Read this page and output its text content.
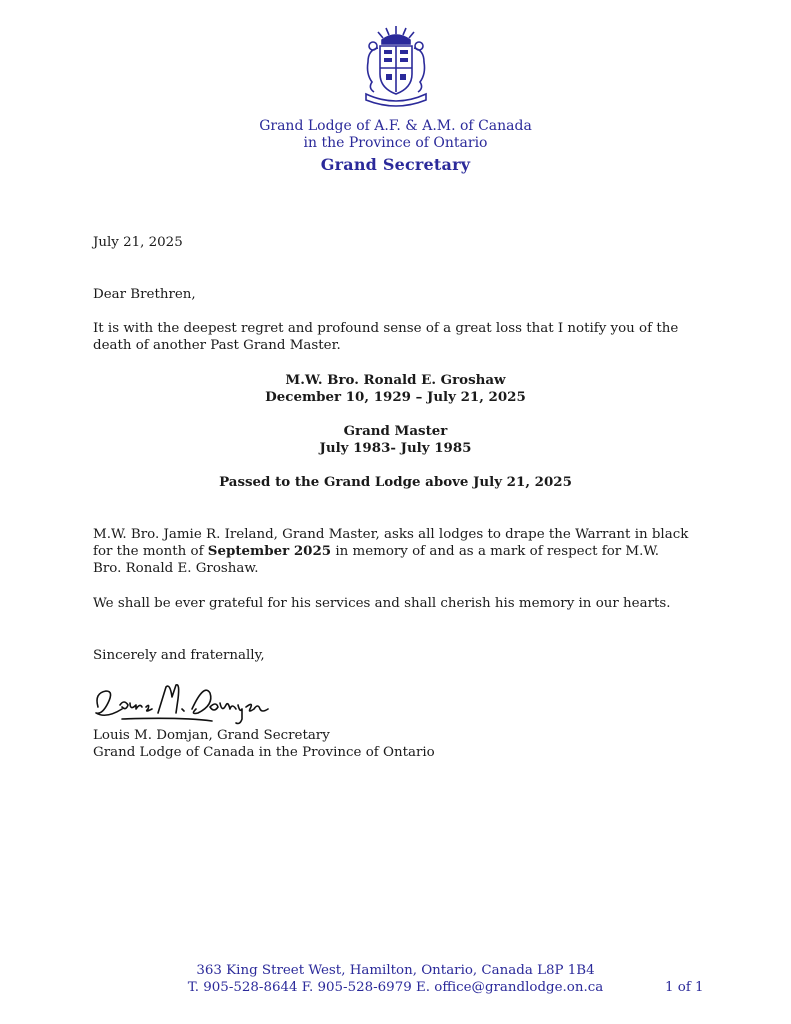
Grand Lodge of A.F. & A.M. of Canada
in the Province of Ontario
Grand Secretary
July 21, 2025
Dear Brethren,
It is with the deepest regret and profound sense of a great loss that I notify you of the
death of another Past Grand Master.
M.W. Bro. Ronald E. Groshaw
December 10, 1929 – July 21, 2025
Grand Master
July 1983- July 1985
Passed to the Grand Lodge above July 21, 2025
M.W. Bro. Jamie R. Ireland, Grand Master, asks all lodges to drape the Warrant in black
for the month of September 2025 in memory of and as a mark of respect for M.W.
Bro. Ronald E. Groshaw.
We shall be ever grateful for his services and shall cherish his memory in our hearts.
Sincerely and fraternally,
Louis M. Domjan, Grand Secretary
Grand Lodge of Canada in the Province of Ontario
363 King Street West, Hamilton, Ontario, Canada L8P 1B4
T. 905-528-8644 F. 905-528-6979 E. office@grandlodge.on.ca	1 of 1
